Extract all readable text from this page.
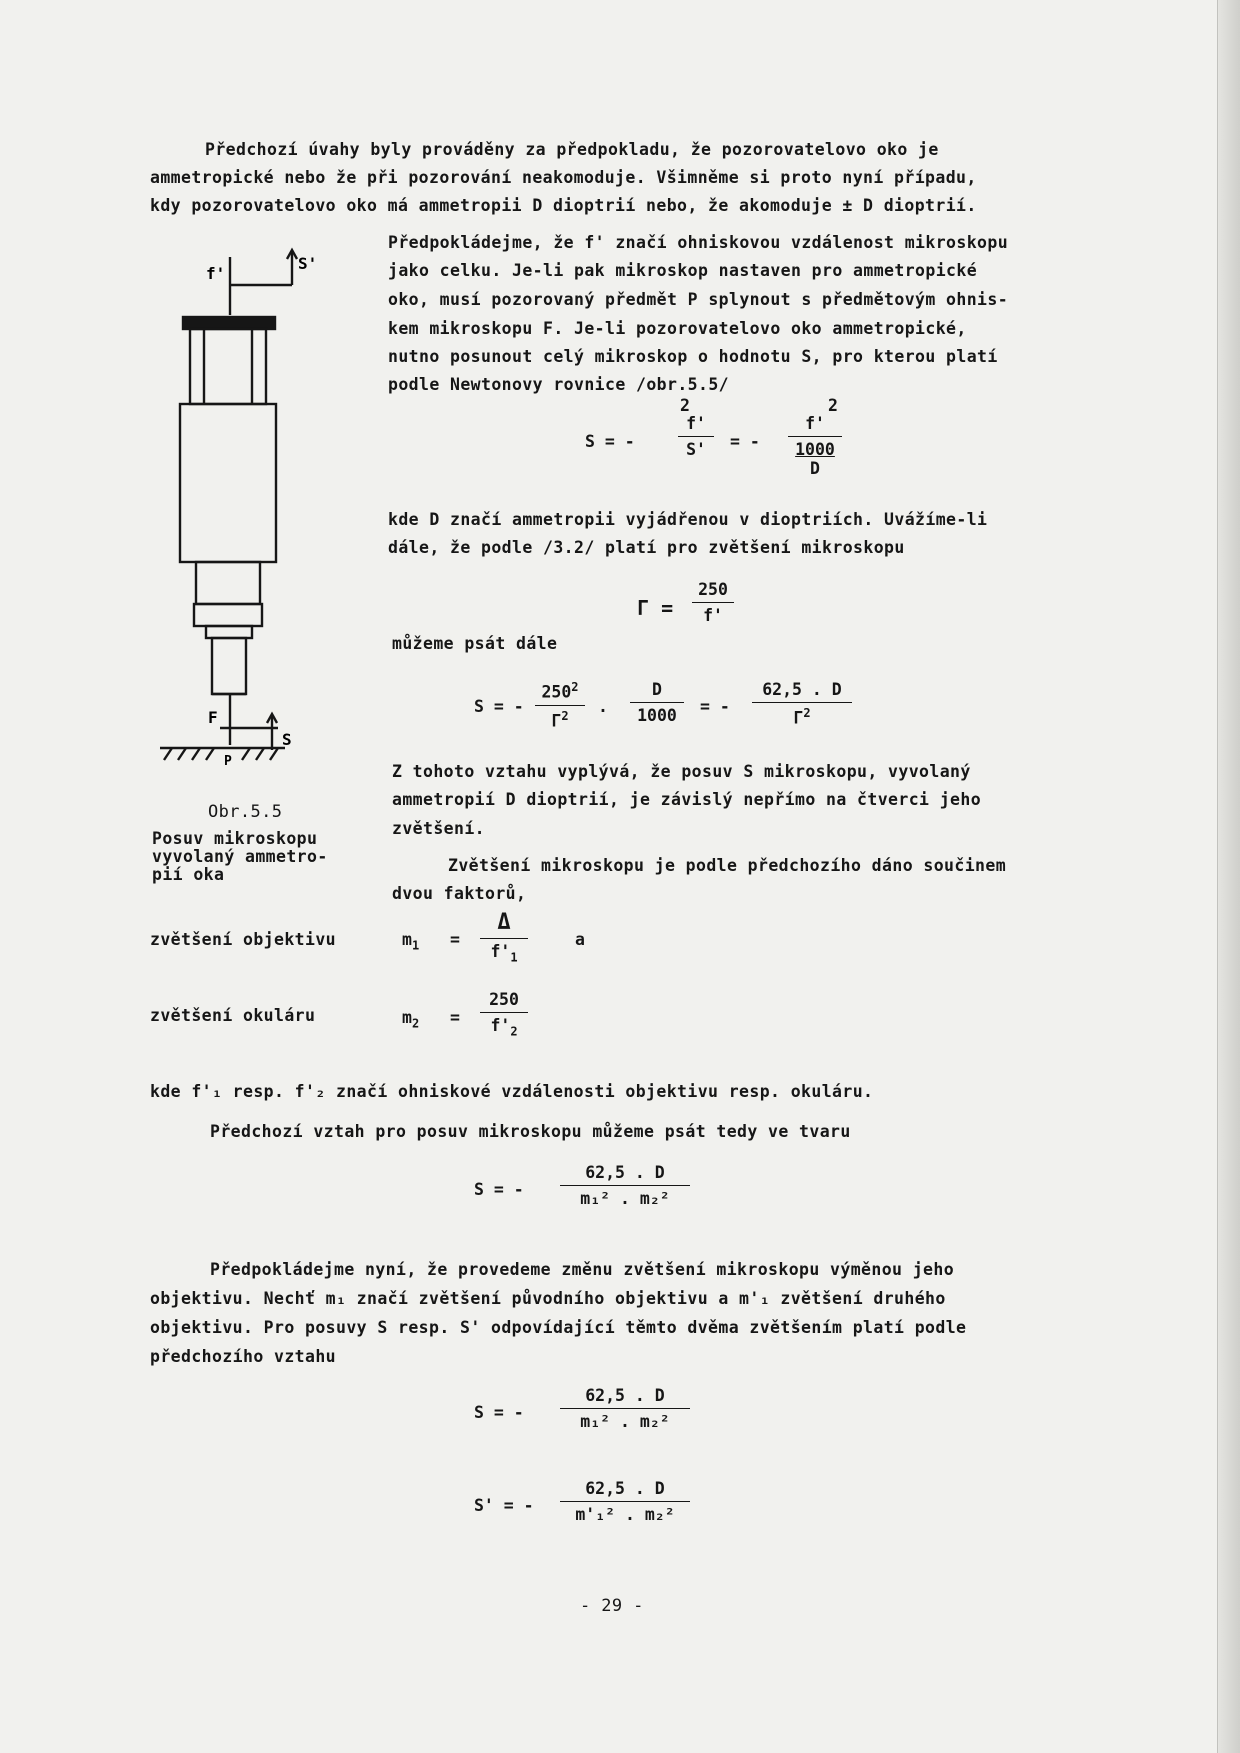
Předchozí úvahy byly prováděny za předpokladu, že pozorovatelovo oko je
ammetropické nebo že při pozorování neakomoduje. Všimněme si proto nyní případu,
kdy pozorovatelovo oko má ammetropii D dioptrií nebo, že akomoduje ± D dioptrií.
Předpokládejme, že f' značí ohniskovou vzdálenost mikroskopu
jako celku. Je-li pak mikroskop nastaven pro ammetropické
oko, musí pozorovaný předmět P splynout s předmětovým ohnis-
kem mikroskopu F. Je-li pozorovatelovo oko ammetropické,
nutno posunout celý mikroskop o hodnotu S, pro kterou platí
podle Newtonovy rovnice /obr.5.5/
S = -
2
f'
S'	= -
2
f'
1000
D
kde D značí ammetropii vyjádřenou v dioptriích. Uvážíme-li
dále, že podle /3.2/ platí pro zvětšení mikroskopu
Γ =
250
f'
můžeme psát dále
S = -
$250^2$
$\Gamma^2$	.
D
1000	= -
62,5 . D
$\Gamma^2$
Z tohoto vztahu vyplývá, že posuv S mikroskopu, vyvolaný
ammetropií D dioptrií, je závislý nepřímo na čtverci jeho
zvětšení.
Zvětšení mikroskopu je podle předchozího dáno součinem
dvou faktorů,
f'
S'
F
S
P
Obr.5.5
Posuv mikroskopu
vyvolaný ammetro-
pií oka
zvětšení objektivu	$m_1$ =
Δ
$f'_1$
a
zvětšení okuláru	$m_2$ =
250
$f'_2$
kde f'₁ resp. f'₂ značí ohniskové vzdálenosti objektivu resp. okuláru.
Předchozí vztah pro posuv mikroskopu můžeme psát tedy ve tvaru
S = -
62,5 . D
m₁² . m₂²
Předpokládejme nyní, že provedeme změnu zvětšení mikroskopu výměnou jeho
objektivu. Nechť m₁ značí zvětšení původního objektivu a m'₁ zvětšení druhého
objektivu. Pro posuvy S resp. S' odpovídající těmto dvěma zvětšením platí podle
předchozího vztahu
S = -
62,5 . D
m₁² . m₂²
S' = -
62,5 . D
m'₁² . m₂²
- 29 -
